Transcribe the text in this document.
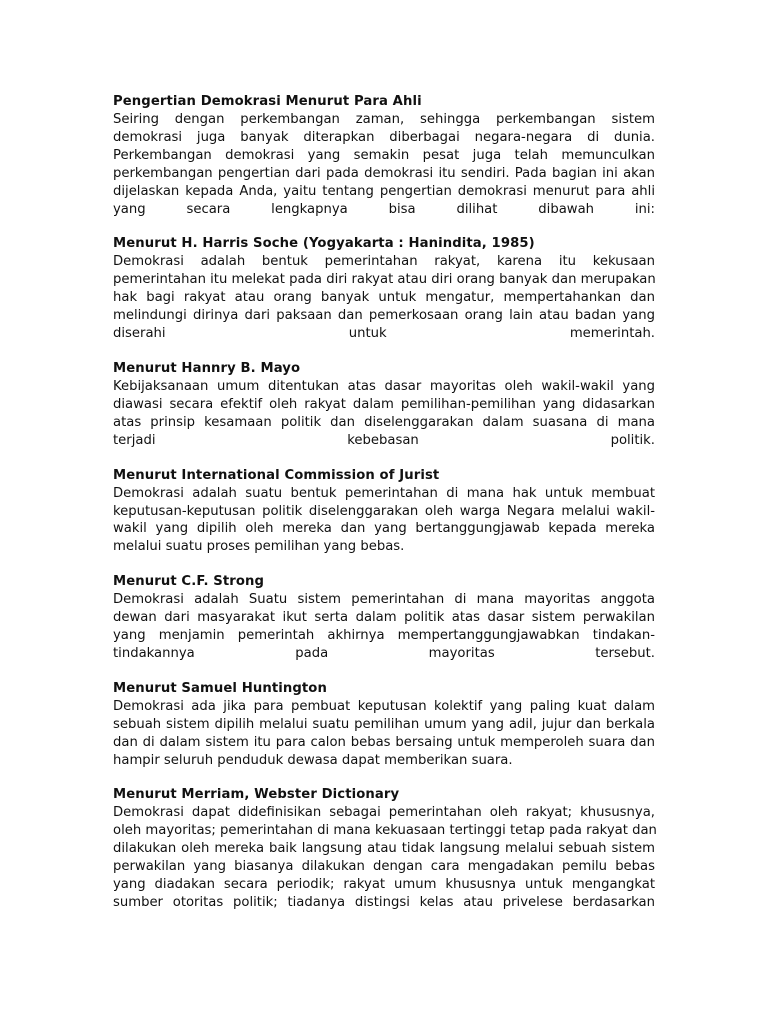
Pengertian Demokrasi Menurut Para Ahli

Seiring dengan perkembangan zaman, sehingga perkembangan sistem
demokrasi juga banyak diterapkan diberbagai negara-negara di dunia.
Perkembangan demokrasi yang semakin pesat juga telah memunculkan
perkembangan pengertian dari pada demokrasi itu sendiri. Pada bagian ini akan
dijelaskan kepada Anda, yaitu tentang pengertian demokrasi menurut para ahli
yang secara lengkapnya bisa dilihat dibawah ini:

Menurut H. Harris Soche (Yogyakarta : Hanindita, 1985)

Demokrasi adalah bentuk pemerintahan rakyat, karena itu kekusaan
pemerintahan itu melekat pada diri rakyat atau diri orang banyak dan merupakan
hak bagi rakyat atau orang banyak untuk mengatur, mempertahankan dan
melindungi dirinya dari paksaan dan pemerkosaan orang lain atau badan yang
diserahi untuk memerintah.

Menurut Hannry B. Mayo

Kebijaksanaan umum ditentukan atas dasar mayoritas oleh wakil-wakil yang
diawasi secara efektif oleh rakyat dalam pemilihan-pemilihan yang didasarkan
atas prinsip kesamaan politik dan diselenggarakan dalam suasana di mana
terjadi kebebasan politik.

Menurut International Commission of Jurist

Demokrasi adalah suatu bentuk pemerintahan di mana hak untuk membuat
keputusan-keputusan politik diselenggarakan oleh warga Negara melalui wakil-
wakil yang dipilih oleh mereka dan yang bertanggungjawab kepada mereka
melalui suatu proses pemilihan yang bebas.

Menurut C.F. Strong

Demokrasi adalah Suatu sistem pemerintahan di mana mayoritas anggota
dewan dari masyarakat ikut serta dalam politik atas dasar sistem perwakilan
yang menjamin pemerintah akhirnya mempertanggungjawabkan tindakan-
tindakannya pada mayoritas tersebut.

Menurut Samuel Huntington

Demokrasi ada jika para pembuat keputusan kolektif yang paling kuat dalam
sebuah sistem dipilih melalui suatu pemilihan umum yang adil, jujur dan berkala
dan di dalam sistem itu para calon bebas bersaing untuk memperoleh suara dan
hampir seluruh penduduk dewasa dapat memberikan suara.

Menurut Merriam, Webster Dictionary

Demokrasi dapat didefinisikan sebagai pemerintahan oleh rakyat; khususnya,
oleh mayoritas; pemerintahan di mana kekuasaan tertinggi tetap pada rakyat dan
dilakukan oleh mereka baik langsung atau tidak langsung melalui sebuah sistem
perwakilan yang biasanya dilakukan dengan cara mengadakan pemilu bebas
yang diadakan secara periodik; rakyat umum khususnya untuk mengangkat
sumber otoritas politik; tiadanya distingsi kelas atau privelese berdasarkan
